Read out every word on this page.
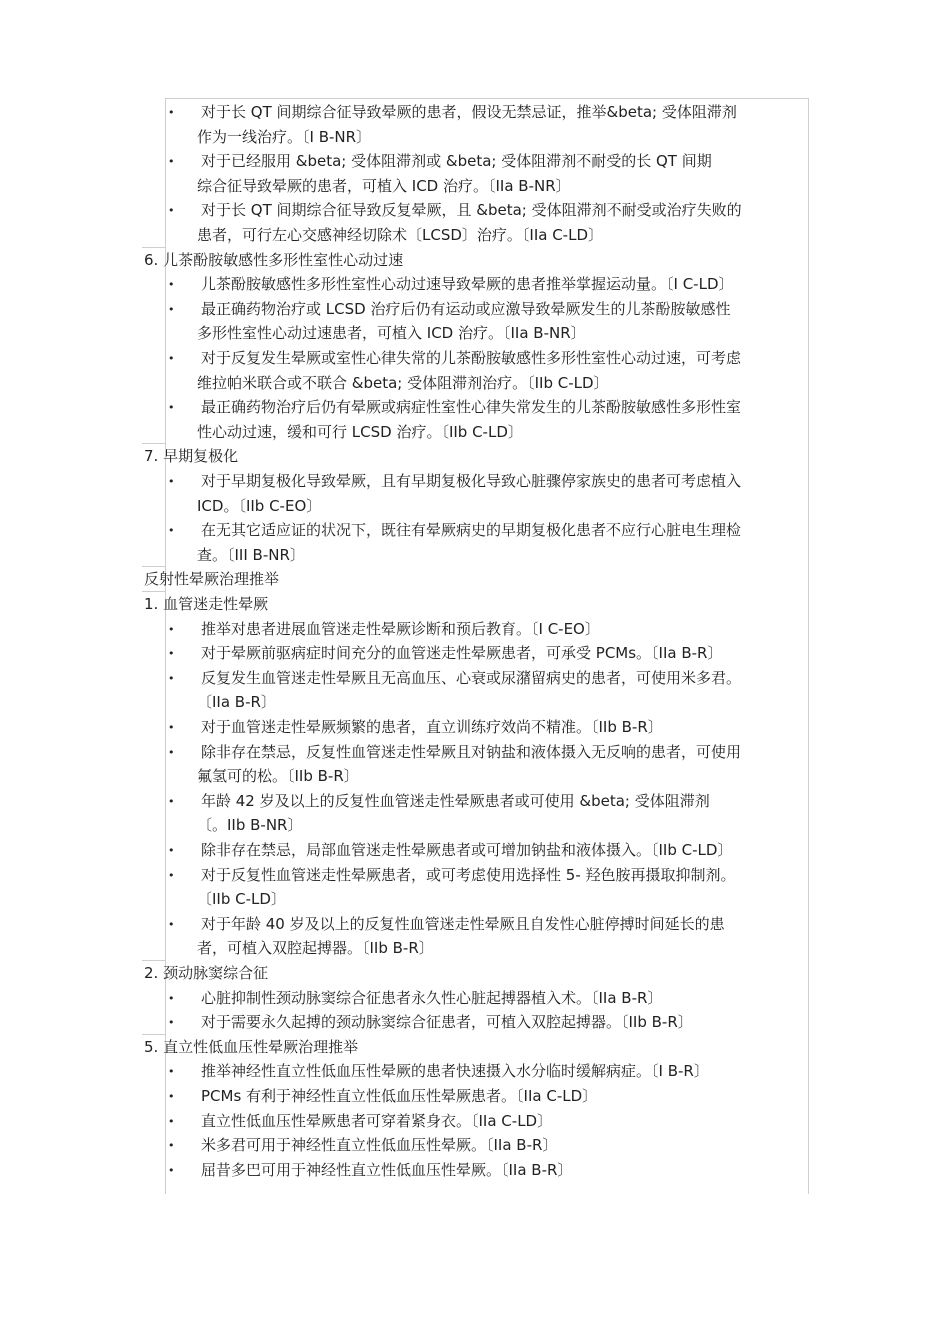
• 对于长 QT 间期综合征导致晕厥的患者，假设无禁忌证，推举&beta; 受体阻滞剂
作为一线治疗。〔I B-NR〕
• 对于已经服用 &beta; 受体阻滞剂或 &beta; 受体阻滞剂不耐受的长 QT 间期
综合征导致晕厥的患者，可植入 ICD 治疗。〔IIa B-NR〕
• 对于长 QT 间期综合征导致反复晕厥，且 &beta; 受体阻滞剂不耐受或治疗失败的
患者，可行左心交感神经切除术〔LCSD〕治疗。〔IIa C-LD〕
6. 儿茶酚胺敏感性多形性室性心动过速
• 儿茶酚胺敏感性多形性室性心动过速导致晕厥的患者推举掌握运动量。〔I C-LD〕
• 最正确药物治疗或 LCSD 治疗后仍有运动或应激导致晕厥发生的儿茶酚胺敏感性
多形性室性心动过速患者，可植入 ICD 治疗。〔IIa B-NR〕
• 对于反复发生晕厥或室性心律失常的儿茶酚胺敏感性多形性室性心动过速，可考虑
维拉帕米联合或不联合 &beta; 受体阻滞剂治疗。〔IIb C-LD〕
• 最正确药物治疗后仍有晕厥或病症性室性心律失常发生的儿茶酚胺敏感性多形性室
性心动过速，缓和可行 LCSD 治疗。〔IIb C-LD〕
7. 早期复极化
• 对于早期复极化导致晕厥，且有早期复极化导致心脏骤停家族史的患者可考虑植入
ICD。〔IIb C-EO〕
• 在无其它适应证的状况下，既往有晕厥病史的早期复极化患者不应行心脏电生理检
查。〔III B-NR〕
反射性晕厥治理推举
1. 血管迷走性晕厥
• 推举对患者进展血管迷走性晕厥诊断和预后教育。〔I C-EO〕
• 对于晕厥前驱病症时间充分的血管迷走性晕厥患者，可承受 PCMs。〔IIa B-R〕
• 反复发生血管迷走性晕厥且无高血压、心衰或尿潴留病史的患者，可使用米多君。
〔IIa B-R〕
• 对于血管迷走性晕厥频繁的患者，直立训练疗效尚不精准。〔IIb B-R〕
• 除非存在禁忌，反复性血管迷走性晕厥且对钠盐和液体摄入无反响的患者，可使用
氟氢可的松。〔IIb B-R〕
• 年龄 42 岁及以上的反复性血管迷走性晕厥患者或可使用 &beta; 受体阻滞剂
〔。IIb B-NR〕
• 除非存在禁忌，局部血管迷走性晕厥患者或可增加钠盐和液体摄入。〔IIb C-LD〕
• 对于反复性血管迷走性晕厥患者，或可考虑使用选择性 5- 羟色胺再摄取抑制剂。
〔IIb C-LD〕
• 对于年龄 40 岁及以上的反复性血管迷走性晕厥且自发性心脏停搏时间延长的患
者，可植入双腔起搏器。〔IIb B-R〕
2. 颈动脉窦综合征
• 心脏抑制性颈动脉窦综合征患者永久性心脏起搏器植入术。〔IIa B-R〕
• 对于需要永久起搏的颈动脉窦综合征患者，可植入双腔起搏器。〔IIb B-R〕
5. 直立性低血压性晕厥治理推举
• 推举神经性直立性低血压性晕厥的患者快速摄入水分临时缓解病症。〔I B-R〕
• PCMs 有利于神经性直立性低血压性晕厥患者。〔IIa C-LD〕
• 直立性低血压性晕厥患者可穿着紧身衣。〔IIa C-LD〕
• 米多君可用于神经性直立性低血压性晕厥。〔IIa B-R〕
• 屈昔多巴可用于神经性直立性低血压性晕厥。〔IIa B-R〕
